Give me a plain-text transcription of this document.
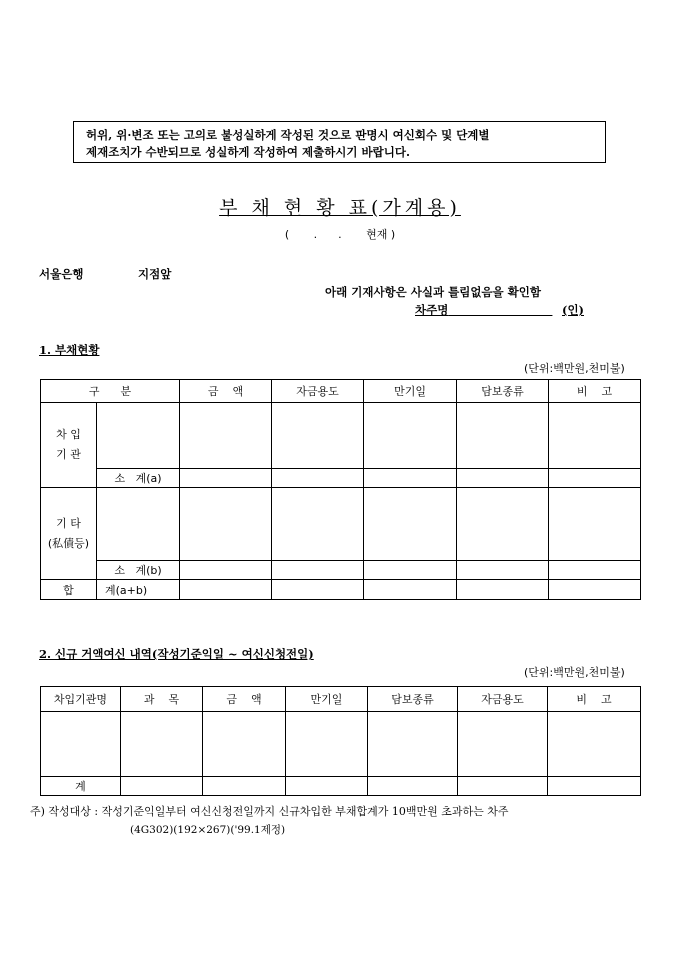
허위, 위·변조 또는 고의로 불성실하게 작성된 것으로 판명시 여신회수 및 단계별
제재조치가 수반되므로 성실하게 작성하여 제출하시기 바랍니다.
부 채 현 황 표(가계용)
(       .      .       현재 )
서울은행	지점앞
아래 기재사항은 사실과 틀림없음을 확인함
차주명	(인)
1. 부채현황
(단위:백만원,천미불)
구      분		금    액	자금용도	만기일	담보종류	비    고
차 입
기 관						
	소   계(a)					
기 타
(私債등)						
	소   계(b)					
합	계(a+b)					
2. 신규 거액여신 내역(작성기준익일 ~ 여신신청전일)
(단위:백만원,천미불)
차입기관명	과    목	금    액	만기일	담보종류	자금용도	비    고

계						
주) 작성대상 : 작성기준익일부터 여신신청전일까지 신규차입한 부채합계가 10백만원 초과하는 차주
(4G302)(192×267)('99.1제정)
